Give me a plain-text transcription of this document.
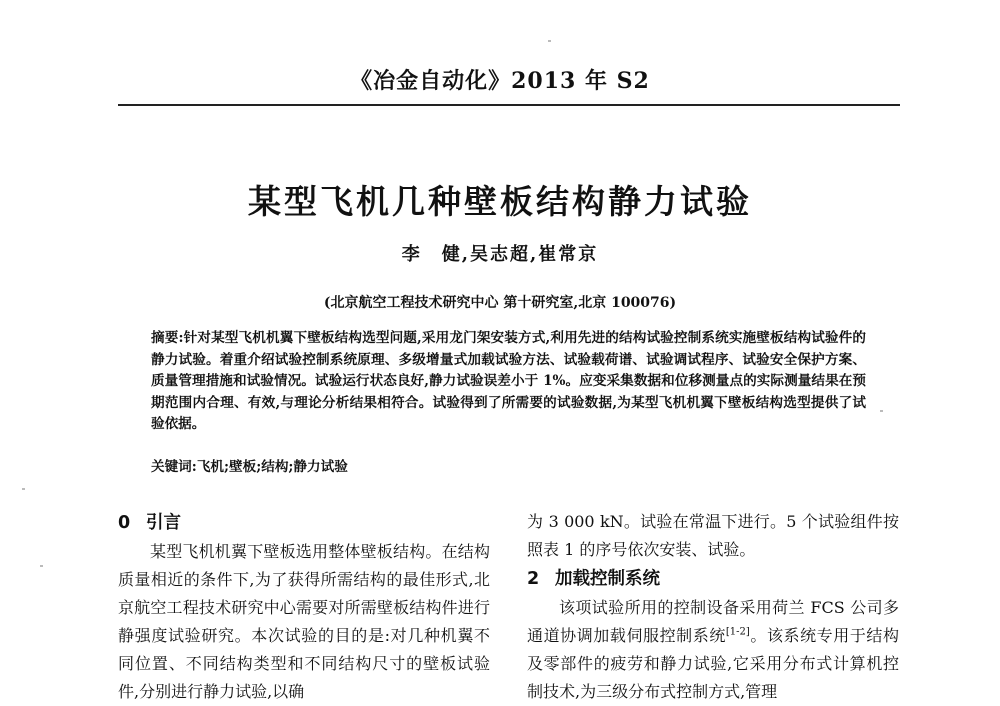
《冶金自动化》2013 年 S2
某型飞机几种壁板结构静力试验
李　健,吴志超,崔常京
(北京航空工程技术研究中心 第十研究室,北京 100076)
摘要:针对某型飞机机翼下壁板结构选型问题,采用龙门架安装方式,利用先进的结构试验控制系统实施壁板结构试验件的静力试验。着重介绍试验控制系统原理、多级增量式加载试验方法、试验载荷谱、试验调试程序、试验安全保护方案、质量管理措施和试验情况。试验运行状态良好,静力试验误差小于 1%。应变采集数据和位移测量点的实际测量结果在预期范围内合理、有效,与理论分析结果相符合。试验得到了所需要的试验数据,为某型飞机机翼下壁板结构选型提供了试验依据。
关键词:飞机;壁板;结构;静力试验
0 引言
某型飞机机翼下壁板选用整体壁板结构。在结构质量相近的条件下,为了获得所需结构的最佳形式,北京航空工程技术研究中心需要对所需壁板结构件进行静强度试验研究。本次试验的目的是:对几种机翼不同位置、不同结构类型和不同结构尺寸的壁板试验件,分别进行静力试验,以确
为 3 000 kN。试验在常温下进行。5 个试验组件按照表 1 的序号依次安装、试验。
2 加载控制系统
该项试验所用的控制设备采用荷兰 FCS 公司多通道协调加载伺服控制系统[1-2]。该系统专用于结构及零部件的疲劳和静力试验,它采用分布式计算机控制技术,为三级分布式控制方式,管理
